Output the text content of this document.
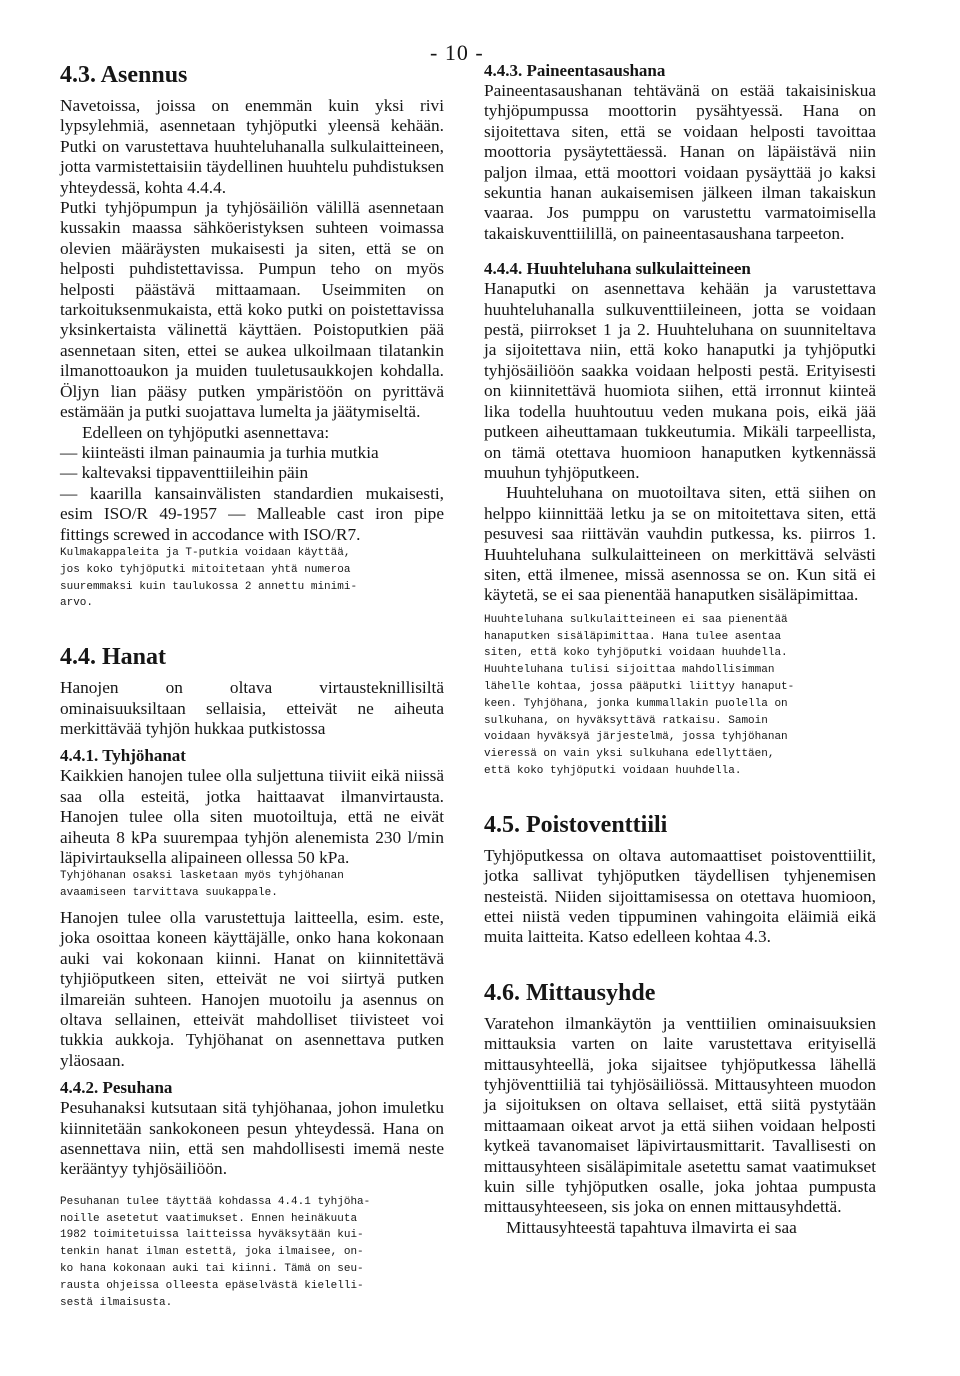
- 10 -
4.3. Asennus

Navetoissa, joissa on enemmän kuin yksi rivi lypsylehmiä, asennetaan tyhjöputki yleensä kehään. Putki on varustettava huuhteluhanalla sulkulaitteineen, jotta varmistettaisiin täydellinen huuhtelu puhdistuksen yhteydessä, kohta 4.4.4.

Putki tyhjöpumpun ja tyhjösäiliön välillä asennetaan kussakin maassa sähköeristyksen suhteen voimassa olevien määräysten mukaisesti ja siten, että se on helposti puhdistettavissa. Pumpun teho on myös helposti päästävä mittaamaan. Useimmiten on tarkoituksenmukaista, että koko putki on poistettavissa yksinkertaista välinettä käyttäen. Poistoputkien pää asennetaan siten, ettei se aukea ulkoilmaan tilatankin ilmanottoaukon ja muiden tuuletusaukkojen kohdalla. Öljyn lian pääsy putken ympäristöön on pyrittävä estämään ja putki suojattava lumelta ja jäätymiseltä.

Edelleen on tyhjöputki asennettava:

— kiinteästi ilman painaumia ja turhia mutkia
— kaltevaksi tippaventtiileihin päin
— kaarilla kansainvälisten standardien mukaisesti, esim ISO/R 49-1957 — Malleable cast iron pipe fittings screwed in accodance with ISO/R7.
Kulmakappaleita ja T-putkia voidaan käyttää,
jos koko tyhjöputki mitoitetaan yhtä numeroa
suuremmaksi kuin taulukossa 2 annettu minimi-
arvo.
4.4. Hanat

Hanojen on oltava virtausteknillisiltä ominaisuuksiltaan sellaisia, etteivät ne aiheuta merkittävää tyhjön hukkaa putkistossa

4.4.1. Tyhjöhanat

Kaikkien hanojen tulee olla suljettuna tiiviit eikä niissä saa olla esteitä, jotka haittaavat ilmanvirtausta. Hanojen tulee olla siten muotoiltuja, että ne eivät aiheuta 8 kPa suurempaa tyhjön alenemista 230 l/min läpivirtauksella alipaineen ollessa 50 kPa.

Tyhjöhanan osaksi lasketaan myös tyhjöhanan
avaamiseen tarvittava suukappale.

Hanojen tulee olla varustettuja laitteella, esim. este, joka osoittaa koneen käyttäjälle, onko hana kokonaan auki vai kokonaan kiinni. Hanat on kiinnitettävä tyhjiöputkeen siten, etteivät ne voi siirtyä putken ilmareiän suhteen. Hanojen muotoilu ja asennus on oltava sellainen, etteivät mahdolliset tiivisteet voi tukkia aukkoja. Tyhjöhanat on asennettava putken yläosaan.

4.4.2. Pesuhana

Pesuhanaksi kutsutaan sitä tyhjöhanaa, johon imuletku kiinnitetään sankokoneen pesun yhteydessä. Hana on asennettava niin, että sen mahdollisesti imemä neste kerääntyy tyhjösäiliöön.

Pesuhanan tulee täyttää kohdassa 4.4.1 tyhjöha-
noille asetetut vaatimukset. Ennen heinäkuuta
1982 toimitetuissa laitteissa hyväksytään kui-
tenkin hanat ilman estettä, joka ilmaisee, on-
ko hana kokonaan auki tai kiinni. Tämä on seu-
rausta ohjeissa olleesta epäselvästä kielelli-
sestä ilmaisusta.
4.4.3. Paineentasaushana

Paineentasaushanan tehtävänä on estää takaisiniskua tyhjöpumpussa moottorin pysähtyessä. Hana on sijoitettava siten, että se voidaan helposti tavoittaa moottoria pysäytettäessä. Hanan on läpäistävä niin paljon ilmaa, että moottori voidaan pysäyttää jo kaksi sekuntia hanan aukaisemisen jälkeen ilman takaiskun vaaraa. Jos pumppu on varustettu varmatoimisella takaiskuventtiilillä, on paineentasaushana tarpeeton.

4.4.4. Huuhteluhana sulkulaitteineen

Hanaputki on asennettava kehään ja varustettava huuhteluhanalla sulkuventtiileineen, jotta se voidaan pestä, piirrokset 1 ja 2. Huuhteluhana on suunniteltava ja sijoitettava niin, että koko hanaputki ja tyhjöputki tyhjösäiliöön saakka voidaan helposti pestä. Erityisesti on kiinnitettävä huomiota siihen, että irronnut kiinteä lika todella huuhtoutuu veden mukana pois, eikä jää putkeen aiheuttamaan tukkeutumia. Mikäli tarpeellista, on tämä otettava huomioon hanaputken kytkennässä muuhun tyhjöputkeen.

Huuhteluhana on muotoiltava siten, että siihen on helppo kiinnittää letku ja se on mitoitettava siten, että pesuvesi saa riittävän vauhdin putkessa, ks. piirros 1. Huuhteluhana sulkulaitteineen on merkittävä selvästi siten, että ilmenee, missä asennossa se on. Kun sitä ei käytetä, se ei saa pienentää hanaputken sisäläpimittaa.

Huuhteluhana sulkulaitteineen ei saa pienentää
hanaputken sisäläpimittaa. Hana tulee asentaa
siten, että koko tyhjöputki voidaan huuhdella.
Huuhteluhana tulisi sijoittaa mahdollisimman
lähelle kohtaa, jossa pääputki liittyy hanaput-
keen. Tyhjöhana, jonka kummallakin puolella on
sulkuhana, on hyväksyttävä ratkaisu. Samoin
voidaan hyväksyä järjestelmä, jossa tyhjöhanan
vieressä on vain yksi sulkuhana edellyttäen,
että koko tyhjöputki voidaan huuhdella.
4.5. Poistoventtiili

Tyhjöputkessa on oltava automaattiset poistoventtiilit, jotka sallivat tyhjöputken täydellisen tyhjenemisen nesteistä. Niiden sijoittamisessa on otettava huomioon, ettei niistä veden tippuminen vahingoita eläimiä eikä muita laitteita. Katso edelleen kohtaa 4.3.

4.6. Mittausyhde

Varatehon ilmankäytön ja venttiilien ominaisuuksien mittauksia varten on laite varustettava erityisellä mittausyhteellä, joka sijaitsee tyhjöputkessa lähellä tyhjöventtiiliä tai tyhjösäiliössä. Mittausyhteen muodon ja sijoituksen on oltava sellaiset, että siitä pystytään mittaamaan oikeat arvot ja että siihen voidaan helposti kytkeä tavanomaiset läpivirtausmittarit. Tavallisesti on mittausyhteen sisäläpimitale asetettu samat vaatimukset kuin sille tyhjöputken osalle, joka johtaa pumpusta mittausyhteeseen, sis joka on ennen mittausyhdettä.

Mittausyhteestä tapahtuva ilmavirta ei saa
